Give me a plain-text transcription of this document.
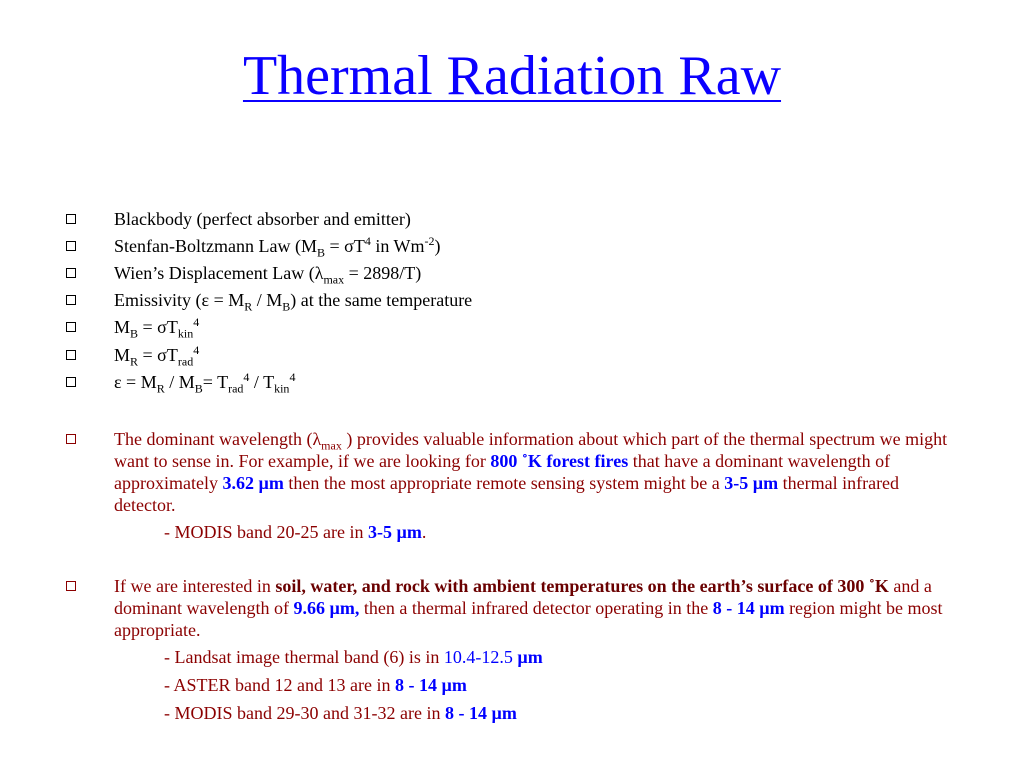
Thermal Radiation Raw
Blackbody (perfect absorber and emitter)
Stenfan-Boltzmann Law ($M_B = \sigma T^4$ in $Wm^{-2}$)
Wien’s Displacement Law $(\lambda_{max} = 2898/T)$
Emissivity $(\varepsilon = M_R / M_B)$ at the same temperature
$M_B = \sigma T_{kin}^4$
$M_R = \sigma T_{rad}^4$
$\varepsilon = M_R / M_B= T_{rad}^4 / T_{kin}^4$
The dominant wavelength ($\lambda_{max}$ ) provides valuable information about which part of the thermal spectrum we might want to sense in. For example, if we are looking for 800 ˚K forest fires that have a dominant wavelength of approximately 3.62 µm then the most appropriate remote sensing system might be a 3-5 µm thermal infrared detector.
- MODIS band 20-25 are in 3-5 µm.
If we are interested in soil, water, and rock with ambient temperatures on the earth’s surface of 300 ˚K and a dominant wavelength of 9.66 µm, then a thermal infrared detector operating in the 8 - 14 µm region might be most appropriate.
- Landsat image thermal band (6) is in 10.4-12.5 µm
- ASTER band 12 and 13 are in 8 - 14 µm
- MODIS band 29-30 and 31-32 are in 8 - 14 µm
